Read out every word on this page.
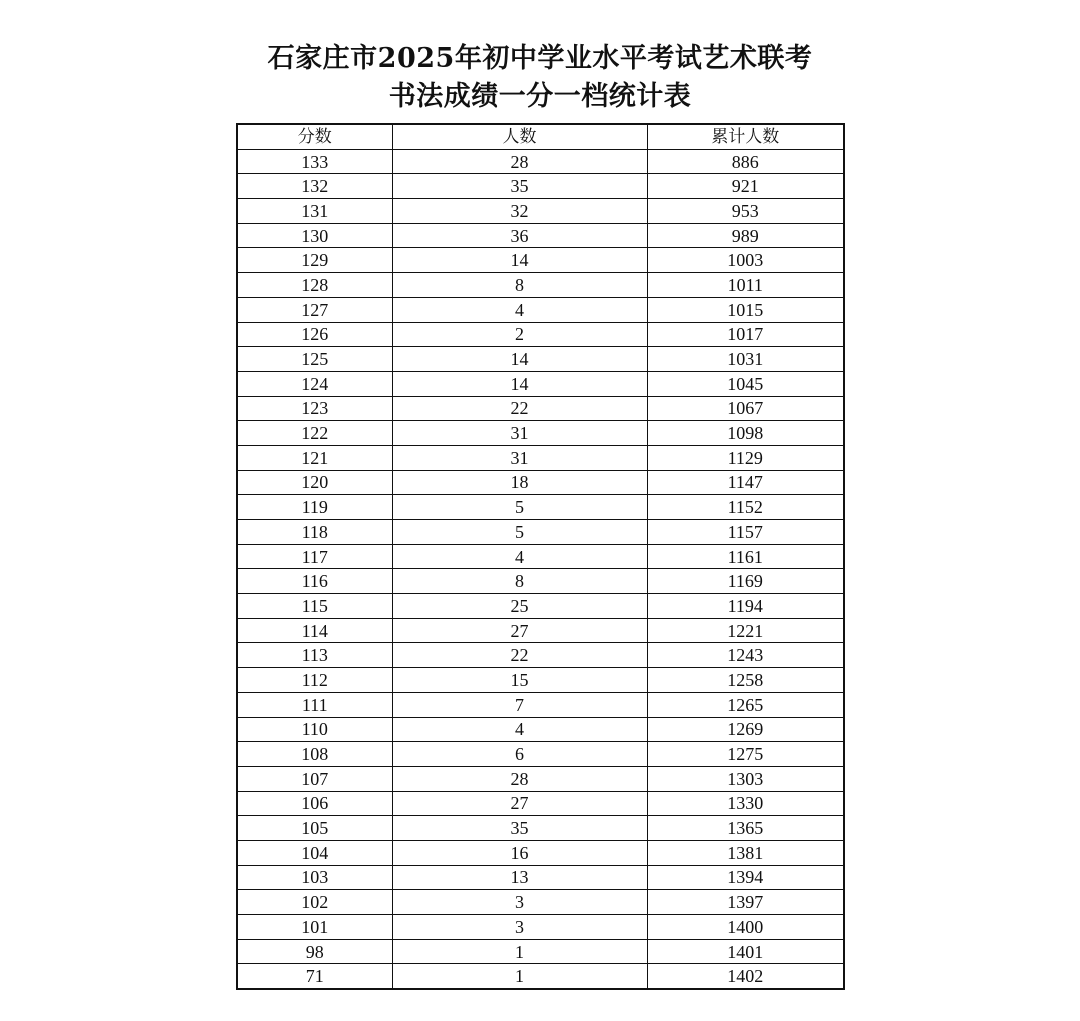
石家庄市2025年初中学业水平考试艺术联考
书法成绩一分一档统计表
分数	人数	累计人数
133	28	886
132	35	921
131	32	953
130	36	989
129	14	1003
128	8	1011
127	4	1015
126	2	1017
125	14	1031
124	14	1045
123	22	1067
122	31	1098
121	31	1129
120	18	1147
119	5	1152
118	5	1157
117	4	1161
116	8	1169
115	25	1194
114	27	1221
113	22	1243
112	15	1258
111	7	1265
110	4	1269
108	6	1275
107	28	1303
106	27	1330
105	35	1365
104	16	1381
103	13	1394
102	3	1397
101	3	1400
98	1	1401
71	1	1402
